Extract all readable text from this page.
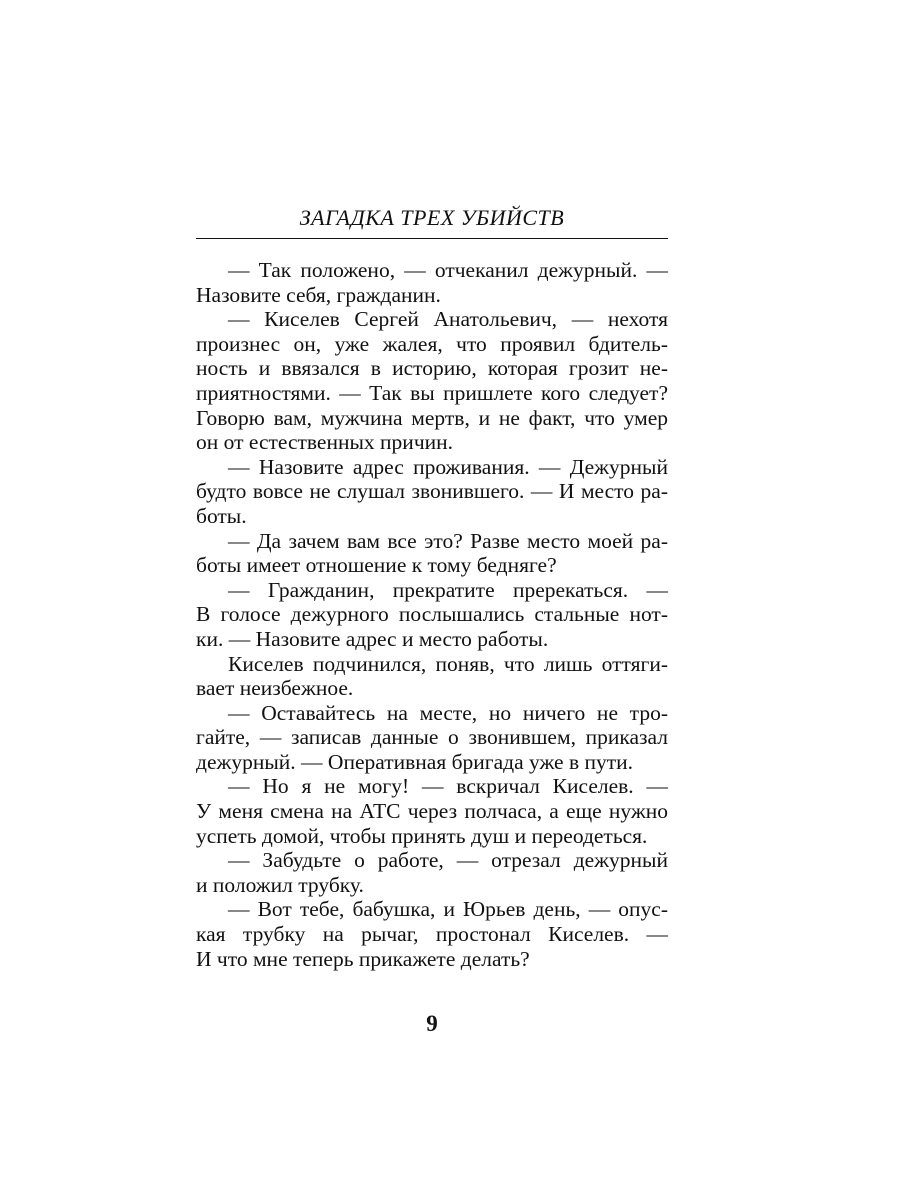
ЗАГАДКА ТРЕХ УБИЙСТВ
— Так положено, — отчеканил дежурный. —
Назовите себя, гражданин.
— Киселев Сергей Анатольевич, — нехотя
произнес он, уже жалея, что проявил бдитель-
ность и ввязался в историю, которая грозит не-
приятностями. — Так вы пришлете кого следует?
Говорю вам, мужчина мертв, и не факт, что умер
он от естественных причин.
— Назовите адрес проживания. — Дежурный
будто вовсе не слушал звонившего. — И место ра-
боты.
— Да зачем вам все это? Разве место моей ра-
боты имеет отношение к тому бедняге?
— Гражданин, прекратите пререкаться. —
В голосе дежурного послышались стальные нот-
ки. — Назовите адрес и место работы.
Киселев подчинился, поняв, что лишь оттяги-
вает неизбежное.
— Оставайтесь на месте, но ничего не тро-
гайте, — записав данные о звонившем, приказал
дежурный. — Оперативная бригада уже в пути.
— Но я не могу! — вскричал Киселев. —
У меня смена на АТС через полчаса, а еще нужно
успеть домой, чтобы принять душ и переодеться.
— Забудьте о работе, — отрезал дежурный
и положил трубку.
— Вот тебе, бабушка, и Юрьев день, — опус-
кая трубку на рычаг, простонал Киселев. —
И что мне теперь прикажете делать?
9
